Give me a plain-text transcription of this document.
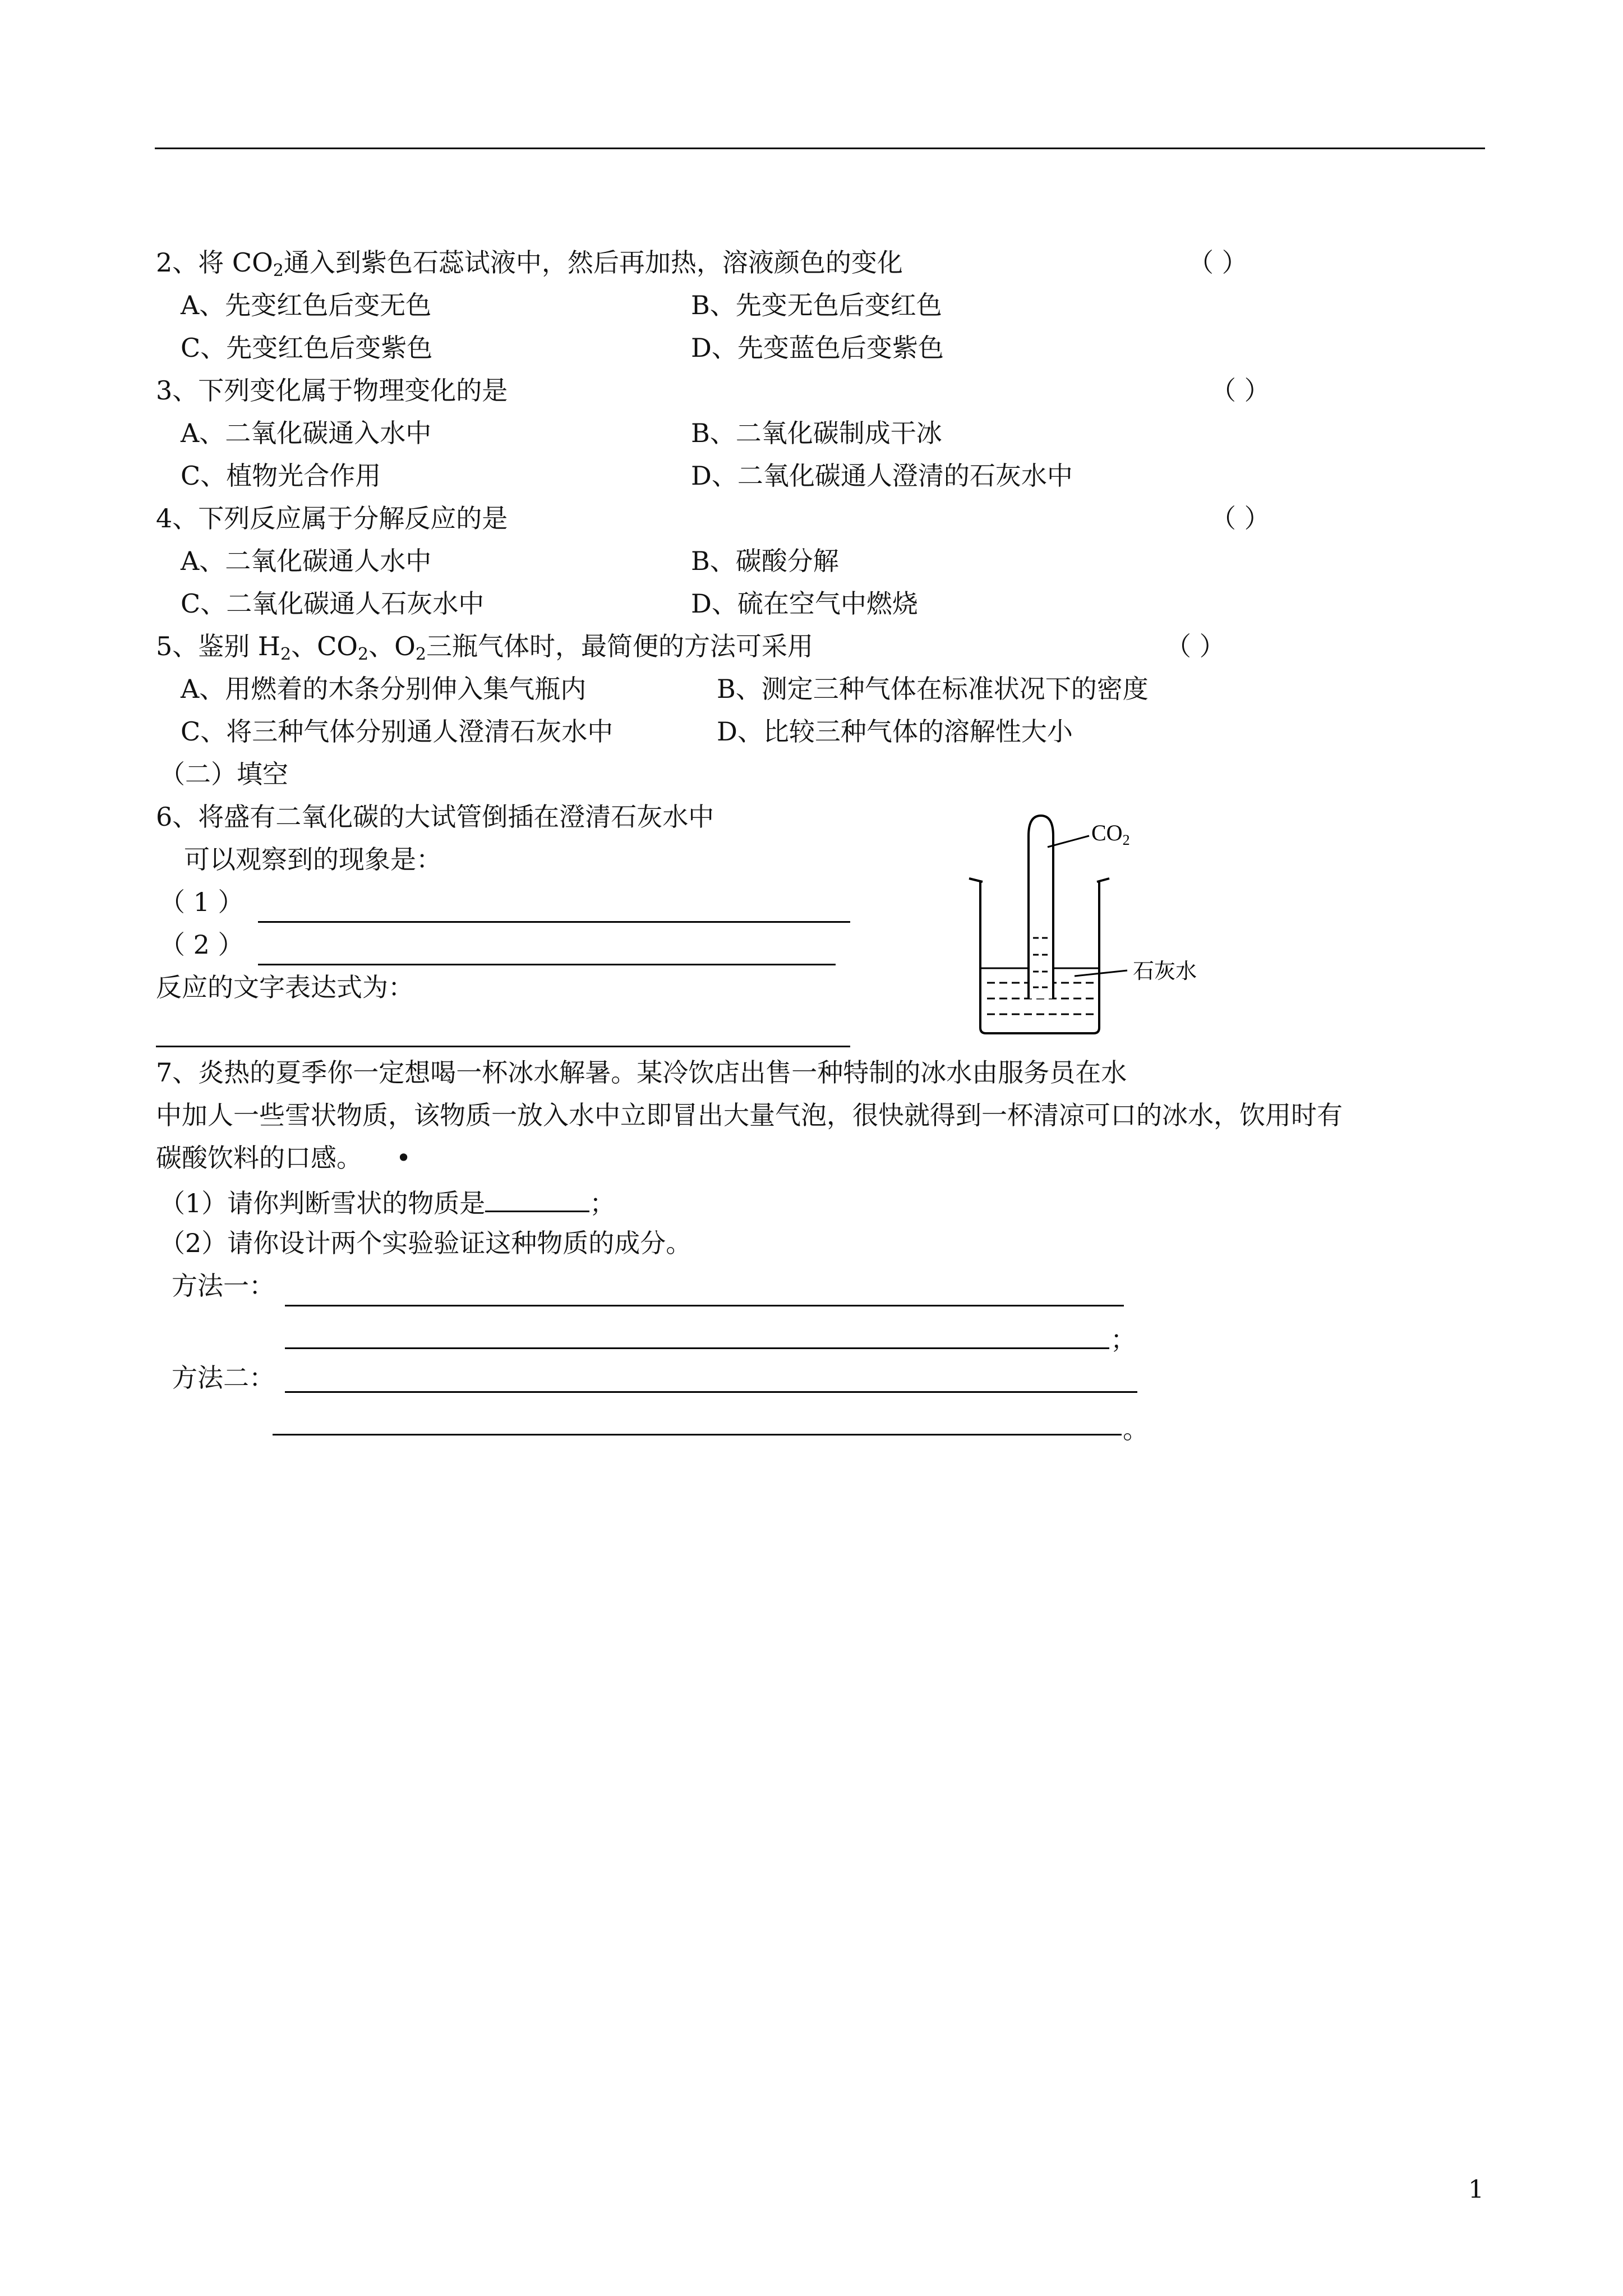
2、将 $CO_2$通入到紫色石蕊试液中，然后再加热，溶液颜色的变化	（ ）
A、先变红色后变无色	B、先变无色后变红色
C、先变红色后变紫色	D、先变蓝色后变紫色
3、下列变化属于物理变化的是	（ ）
A、二氧化碳通入水中	B、二氧化碳制成干冰
C、植物光合作用	D、二氧化碳通人澄清的石灰水中
4、下列反应属于分解反应的是	（ ）
A、二氧化碳通人水中	B、碳酸分解
C、二氧化碳通人石灰水中	D、硫在空气中燃烧
5、鉴别 $H_2$、$CO_2$、$O_2$三瓶气体时，最简便的方法可采用	（ ）
A、用燃着的木条分别伸入集气瓶内	B、测定三种气体在标准状况下的密度
C、将三种气体分别通人澄清石灰水中	D、比较三种气体的溶解性大小
（二）填空
6、将盛有二氧化碳的大试管倒插在澄清石灰水中
可以观察到的现象是：
（ 1 ）
（ 2 ）
反应的文字表达式为：
$CO_2$
石灰水
7、炎热的夏季你一定想喝一杯冰水解暑。某冷饮店出售一种特制的冰水由服务员在水
中加人一些雪状物质，该物质一放入水中立即冒出大量气泡，很快就得到一杯清凉可口的冰水，饮用时有
碳酸饮料的口感。 •
（1）请你判断雪状的物质是	；
（2）请你设计两个实验验证这种物质的成分。
方法一：
；
方法二：
。
1
